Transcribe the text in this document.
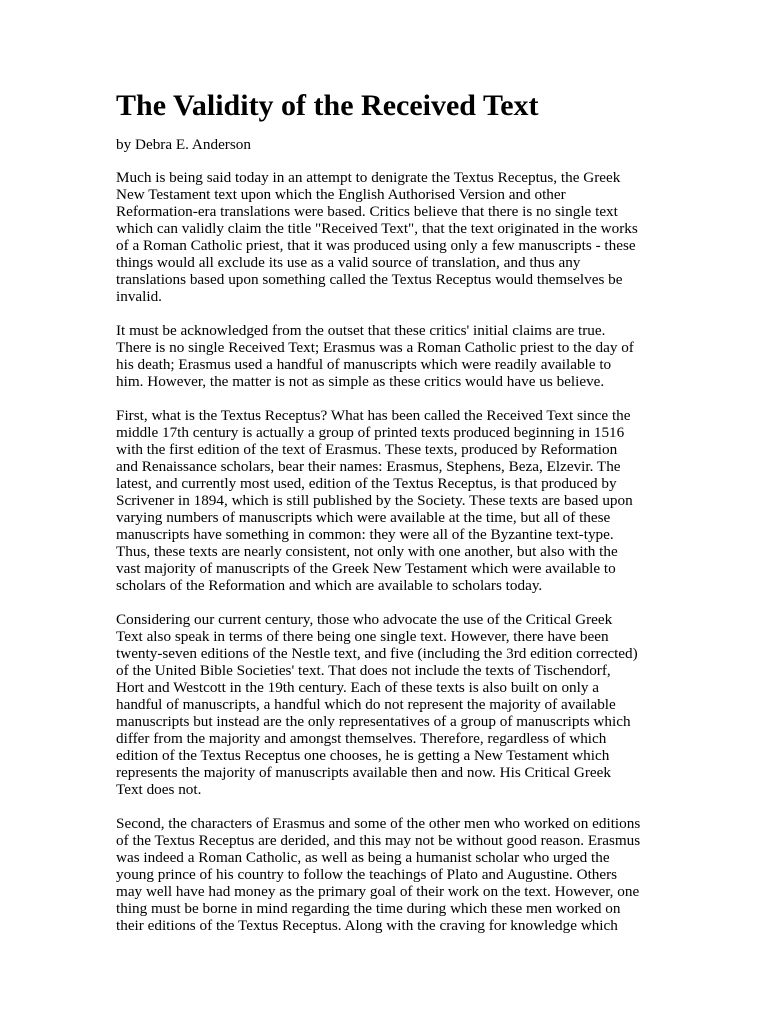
The Validity of the Received Text

by Debra E. Anderson

Much is being said today in an attempt to denigrate the Textus Receptus, the Greek
New Testament text upon which the English Authorised Version and other
Reformation-era translations were based. Critics believe that there is no single text
which can validly claim the title "Received Text", that the text originated in the works
of a Roman Catholic priest, that it was produced using only a few manuscripts - these
things would all exclude its use as a valid source of translation, and thus any
translations based upon something called the Textus Receptus would themselves be
invalid.

It must be acknowledged from the outset that these critics' initial claims are true.
There is no single Received Text; Erasmus was a Roman Catholic priest to the day of
his death; Erasmus used a handful of manuscripts which were readily available to
him. However, the matter is not as simple as these critics would have us believe.

First, what is the Textus Receptus? What has been called the Received Text since the
middle 17th century is actually a group of printed texts produced beginning in 1516
with the first edition of the text of Erasmus. These texts, produced by Reformation
and Renaissance scholars, bear their names: Erasmus, Stephens, Beza, Elzevir. The
latest, and currently most used, edition of the Textus Receptus, is that produced by
Scrivener in 1894, which is still published by the Society. These texts are based upon
varying numbers of manuscripts which were available at the time, but all of these
manuscripts have something in common: they were all of the Byzantine text-type.
Thus, these texts are nearly consistent, not only with one another, but also with the
vast majority of manuscripts of the Greek New Testament which were available to
scholars of the Reformation and which are available to scholars today.

Considering our current century, those who advocate the use of the Critical Greek
Text also speak in terms of there being one single text. However, there have been
twenty-seven editions of the Nestle text, and five (including the 3rd edition corrected)
of the United Bible Societies' text. That does not include the texts of Tischendorf,
Hort and Westcott in the 19th century. Each of these texts is also built on only a
handful of manuscripts, a handful which do not represent the majority of available
manuscripts but instead are the only representatives of a group of manuscripts which
differ from the majority and amongst themselves. Therefore, regardless of which
edition of the Textus Receptus one chooses, he is getting a New Testament which
represents the majority of manuscripts available then and now. His Critical Greek
Text does not.

Second, the characters of Erasmus and some of the other men who worked on editions
of the Textus Receptus are derided, and this may not be without good reason. Erasmus
was indeed a Roman Catholic, as well as being a humanist scholar who urged the
young prince of his country to follow the teachings of Plato and Augustine. Others
may well have had money as the primary goal of their work on the text. However, one
thing must be borne in mind regarding the time during which these men worked on
their editions of the Textus Receptus. Along with the craving for knowledge which
